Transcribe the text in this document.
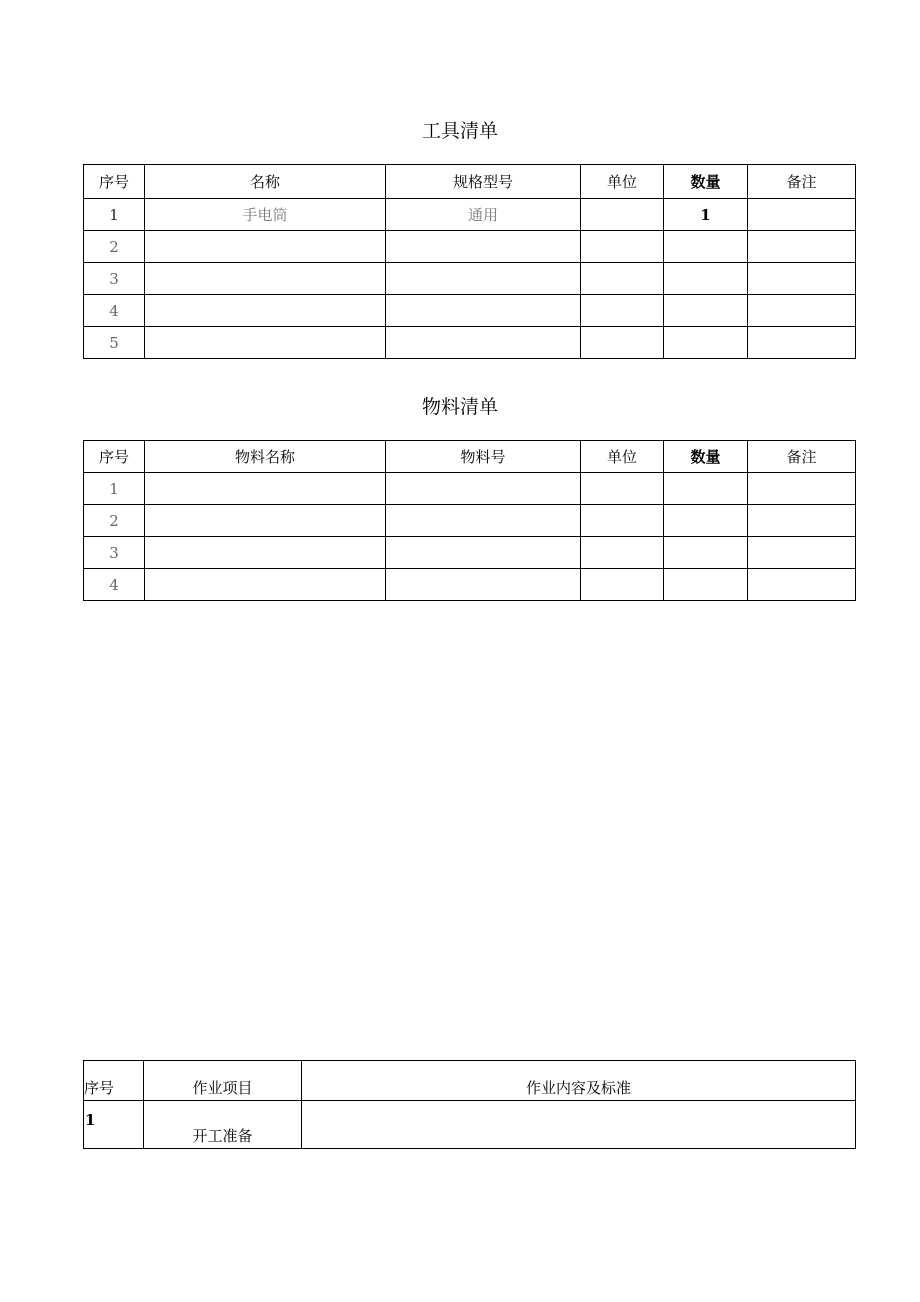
工具清单
序号	名称	规格型号	单位	数量	备注
1	手电筒	通用		1	
2					
3					
4					
5					
物料清单
序号	物料名称	物料号	单位	数量	备注
1					
2					
3					
4					
序号	作业项目	作业内容及标准
1	开工准备	
